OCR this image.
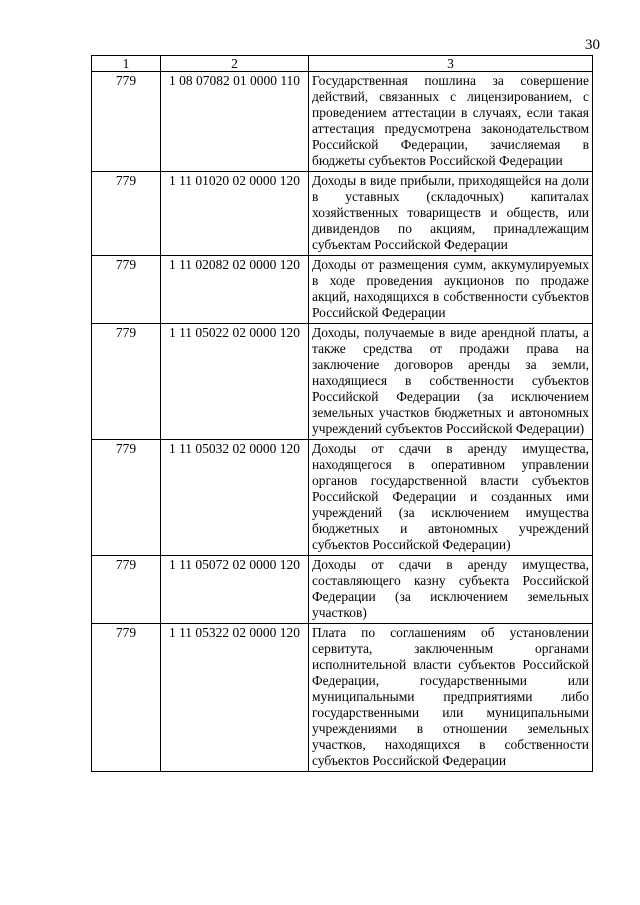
30
1	2	3
779	1 08 07082 01 0000 110	Государственная пошлина за совершение действий, связанных с лицензированием, с проведением аттестации в случаях, если такая аттестация предусмотрена законодательством Российской Федерации, зачисляемая в бюджеты субъектов Российской Федерации
779	1 11 01020 02 0000 120	Доходы в виде прибыли, приходящейся на доли в уставных (складочных) капиталах хозяйственных товариществ и обществ, или дивидендов по акциям, принадлежащим субъектам Российской Федерации
779	1 11 02082 02 0000 120	Доходы от размещения сумм, аккумулируемых в ходе проведения аукционов по продаже акций, находящихся в собственности субъектов Российской Федерации
779	1 11 05022 02 0000 120	Доходы, получаемые в виде арендной платы, а также средства от продажи права на заключение договоров аренды за земли, находящиеся в собственности субъектов Российской Федерации (за исключением земельных участков бюджетных и автономных учреждений субъектов Российской Федерации)
779	1 11 05032 02 0000 120	Доходы от сдачи в аренду имущества, находящегося в оперативном управлении органов государственной власти субъектов Российской Федерации и созданных ими учреждений (за исключением имущества бюджетных и автономных учреждений субъектов Российской Федерации)
779	1 11 05072 02 0000 120	Доходы от сдачи в аренду имущества, составляющего казну субъекта Российской Федерации (за исключением земельных участков)
779	1 11 05322 02 0000 120	Плата по соглашениям об установлении сервитута, заключенным органами исполнительной власти субъектов Российской Федерации, государственными или муниципальными предприятиями либо государственными или муниципальными учреждениями в отношении земельных участков, находящихся в собственности субъектов Российской Федерации
